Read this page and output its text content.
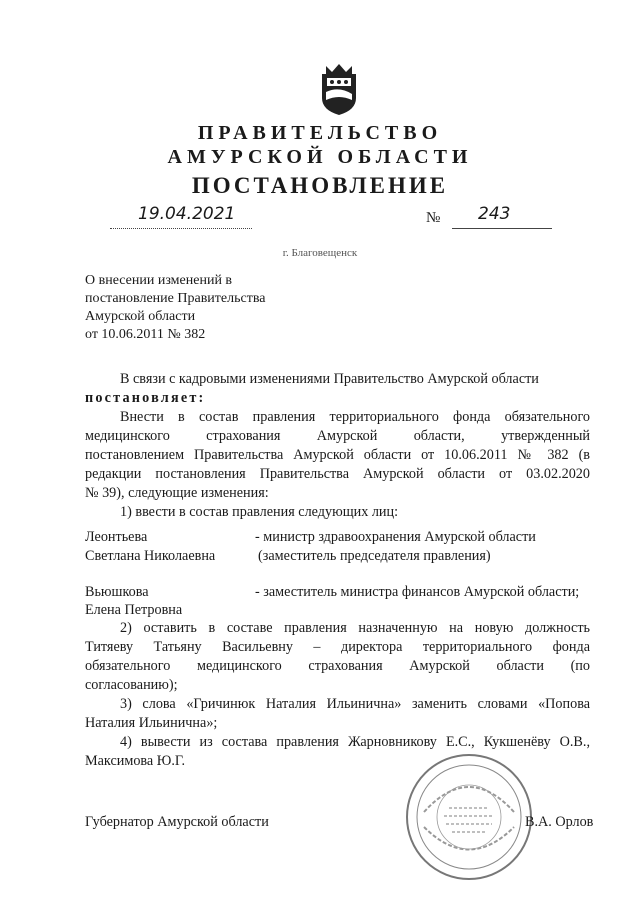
ПРАВИТЕЛЬСТВО
АМУРСКОЙ ОБЛАСТИ
ПОСТАНОВЛЕНИЕ
19.04.2021	№ 243
г. Благовещенск
О внесении изменений в
постановление Правительства
Амурской области
от 10.06.2011 № 382
В связи с кадровыми изменениями Правительство Амурской области
постановляет:
Внести в состав правления территориального фонда обязательного
медицинского страхования Амурской области, утвержденный
постановлением Правительства Амурской области от 10.06.2011 № 382 (в
редакции постановления Правительства Амурской области от 03.02.2020
№ 39), следующие изменения:
1) ввести в состав правления следующих лиц:
Леонтьева
Светлана Николаевна
- министр здравоохранения Амурской области
(заместитель председателя правления)
Вьюшкова
Елена Петровна
- заместитель министра финансов Амурской области;
2) оставить в составе правления назначенную на новую должность
Титяеву Татьяну Васильевну – директора территориального фонда
обязательного медицинского страхования Амурской области (по
согласованию);
3) слова «Гричинюк Наталия Ильинична» заменить словами «Попова
Наталия Ильинична»;
4) вывести из состава правления Жарновникову Е.С., Кукшенёву О.В.,
Максимова Ю.Г.
Губернатор Амурской области	В.А. Орлов
